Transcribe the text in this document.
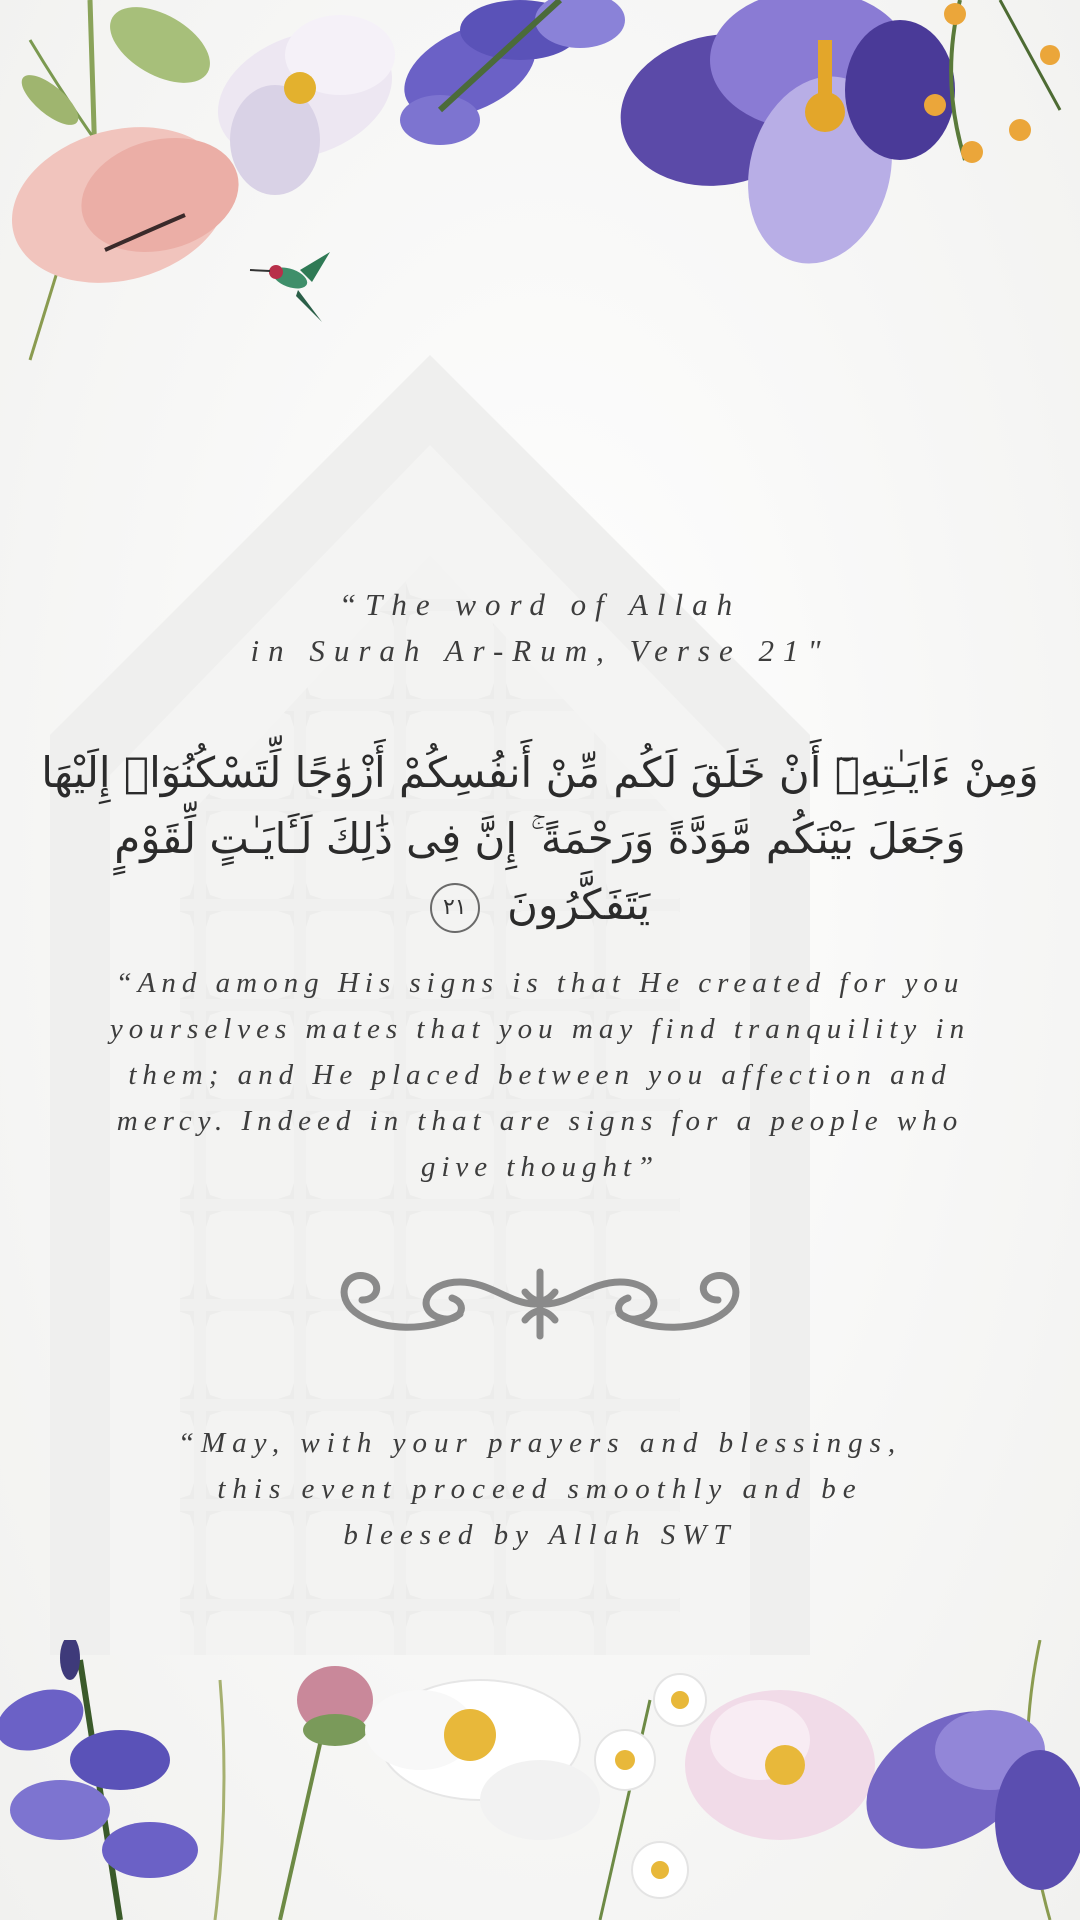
“The word of Allah
in Surah Ar-Rum, Verse 21"
وَمِنْ ءَايَـٰتِهِۦٓ أَنْ خَلَقَ لَكُم مِّنْ أَنفُسِكُمْ أَزْوَٰجًا لِّتَسْكُنُوٓا۟ إِلَيْهَا
وَجَعَلَ بَيْنَكُم مَّوَدَّةً وَرَحْمَةً ۚ إِنَّ فِى ذَٰلِكَ لَـَٔايَـٰتٍ لِّقَوْمٍ يَتَفَكَّرُونَ ٢١
“And among His signs is that He created for you yourselves mates that you may find tranquility in them; and He placed between you affection and mercy. Indeed in that are signs for a people who give thought”
“May, with your prayers and blessings,
this event proceed smoothly and be
bleesed by Allah SWT
